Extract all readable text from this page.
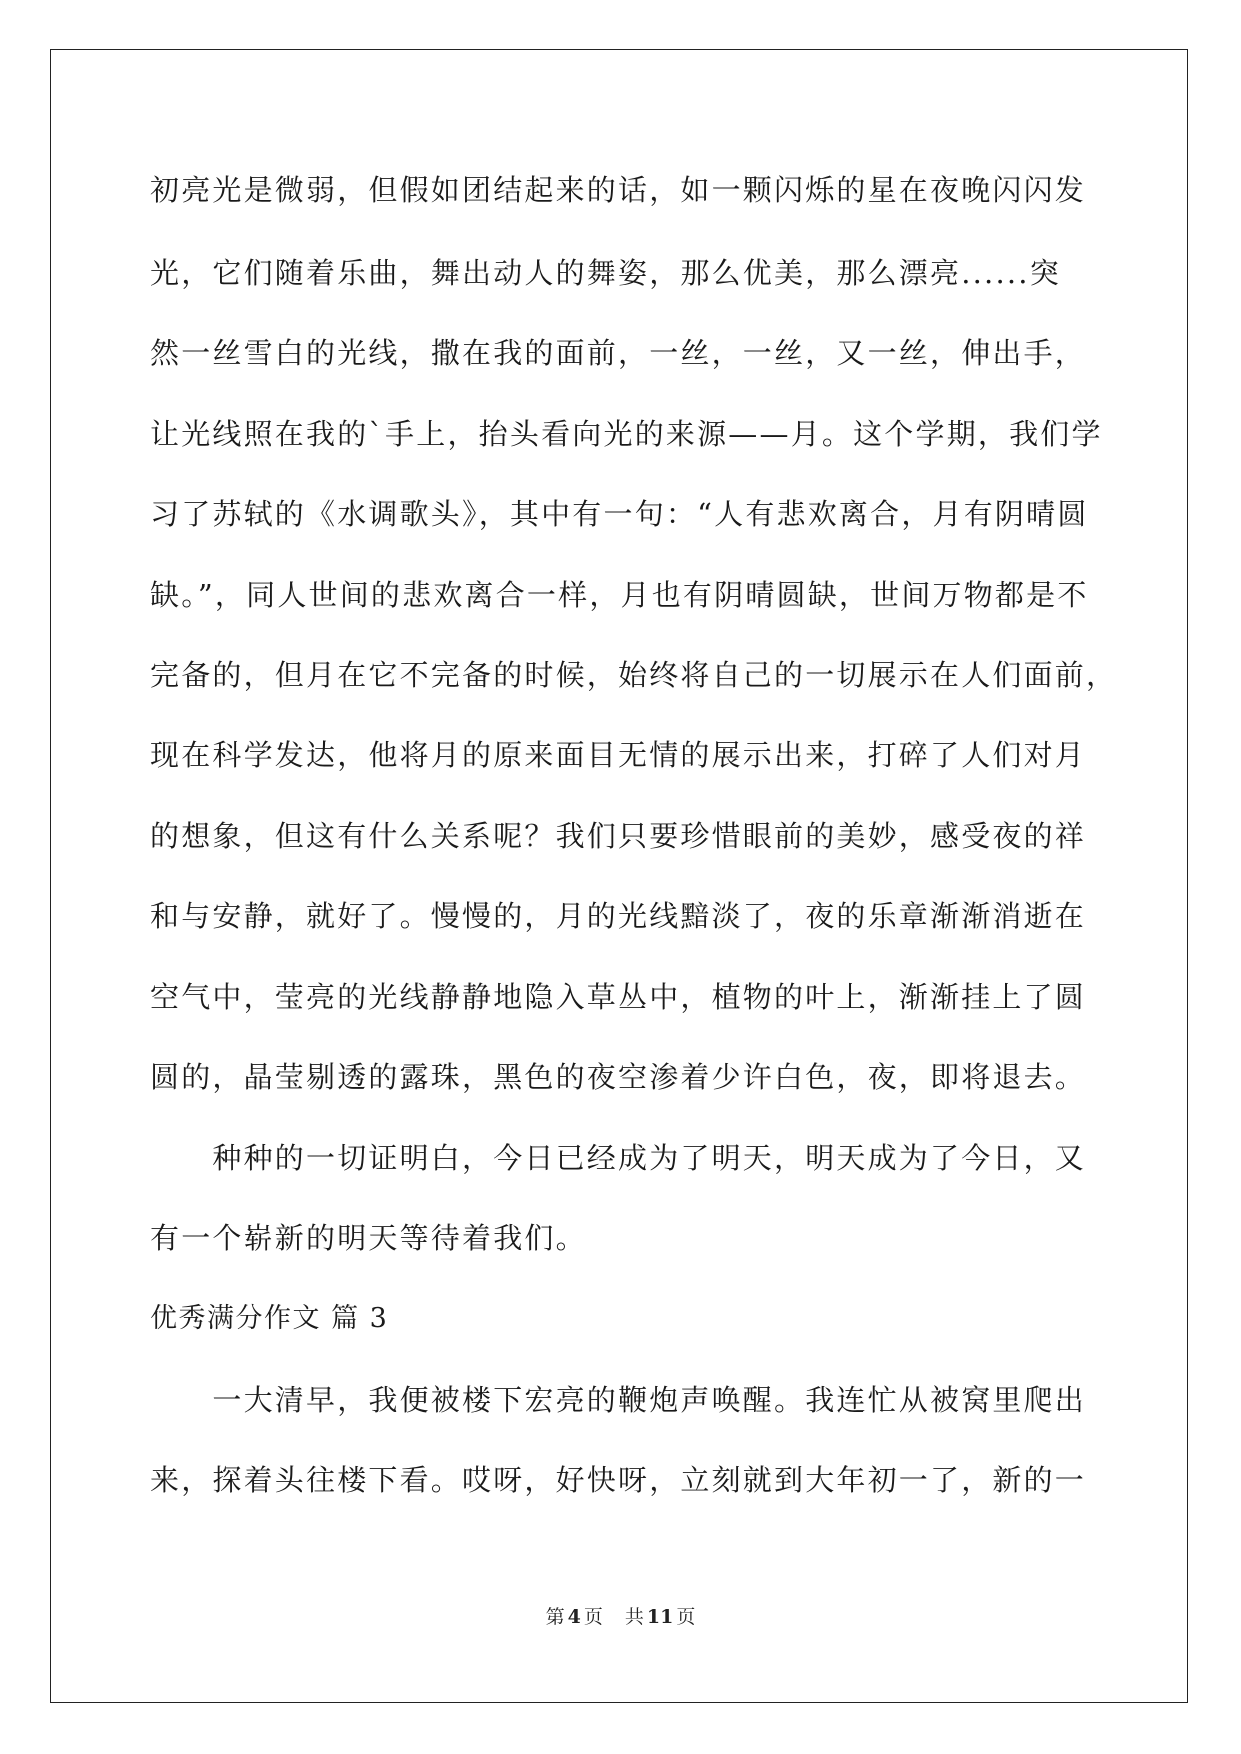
初亮光是微弱，但假如团结起来的话，如一颗闪烁的星在夜晚闪闪发
光，它们随着乐曲，舞出动人的舞姿，那么优美，那么漂亮......突
然一丝雪白的光线，撒在我的面前，一丝，一丝，又一丝，伸出手，
让光线照在我的`手上，抬头看向光的来源——月。这个学期，我们学
习了苏轼的《水调歌头》，其中有一句：“人有悲欢离合，月有阴晴圆
缺。”，同人世间的悲欢离合一样，月也有阴晴圆缺，世间万物都是不
完备的，但月在它不完备的时候，始终将自己的一切展示在人们面前，
现在科学发达，他将月的原来面目无情的展示出来，打碎了人们对月
的想象，但这有什么关系呢？我们只要珍惜眼前的美妙，感受夜的祥
和与安静，就好了。慢慢的，月的光线黯淡了，夜的乐章渐渐消逝在
空气中，莹亮的光线静静地隐入草丛中，植物的叶上，渐渐挂上了圆
圆的，晶莹剔透的露珠，黑色的夜空渗着少许白色，夜，即将退去。
　　种种的一切证明白，今日已经成为了明天，明天成为了今日，又
有一个崭新的明天等待着我们。
优秀满分作文 篇 3
　　一大清早，我便被楼下宏亮的鞭炮声唤醒。我连忙从被窝里爬出
来，探着头往楼下看。哎呀，好快呀，立刻就到大年初一了，新的一
第 4 页 共 11 页
